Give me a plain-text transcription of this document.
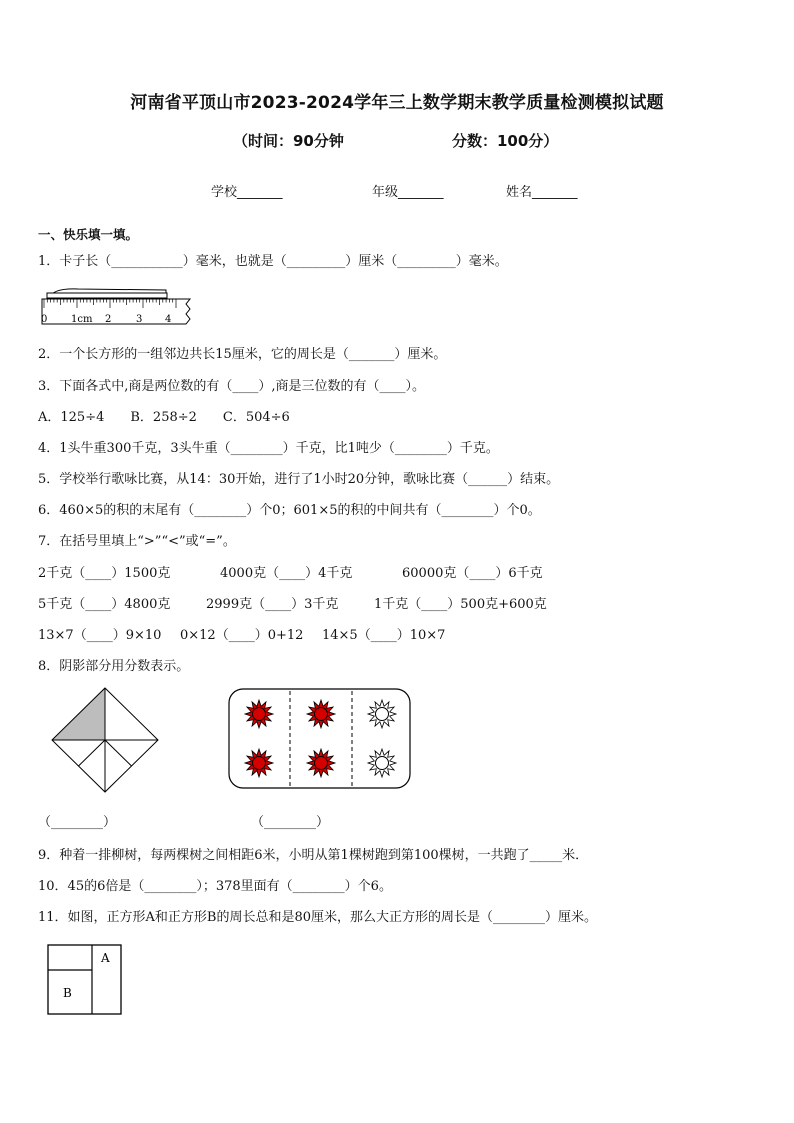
河南省平顶山市2023-2024学年三上数学期末教学质量检测模拟试题
（时间：90分钟	分数：100分）
学校_______	年级_______	姓名_______
一、快乐填一填。
1．卡子长（___________）毫米，也就是（_________）厘米（_________）毫米。
0 1cm 2 3 4
2．一个长方形的一组邻边共长15厘米，它的周长是（_______）厘米。
3．下面各式中,商是两位数的有（____）,商是三位数的有（____）。
A．125÷4　　B．258÷2　　C．504÷6
4．1头牛重300千克，3头牛重（________）千克，比1吨少（________）千克。
5．学校举行歌咏比赛，从14：30开始，进行了1小时20分钟，歌咏比赛（______）结束。
6．460×5的积的末尾有（________）个0；601×5的积的中间共有（________）个0。
7．在括号里填上“>”“<”或“=”。
2千克（____）1500克	4000克（____）4千克	60000克（____）6千克
5千克（____）4800克	2999克（____）3千克	1千克（____）500克+600克
13×7（____）9×10 0×12（____）0+12 14×5（____）10×7
8．阴影部分用分数表示。
（________）	（________）
9．种着一排柳树，每两棵树之间相距6米，小明从第1棵树跑到第100棵树，一共跑了_____米．
10．45的6倍是（________）；378里面有（________）个6。
11．如图，正方形A和正方形B的周长总和是80厘米，那么大正方形的周长是（________）厘米。
A
B
